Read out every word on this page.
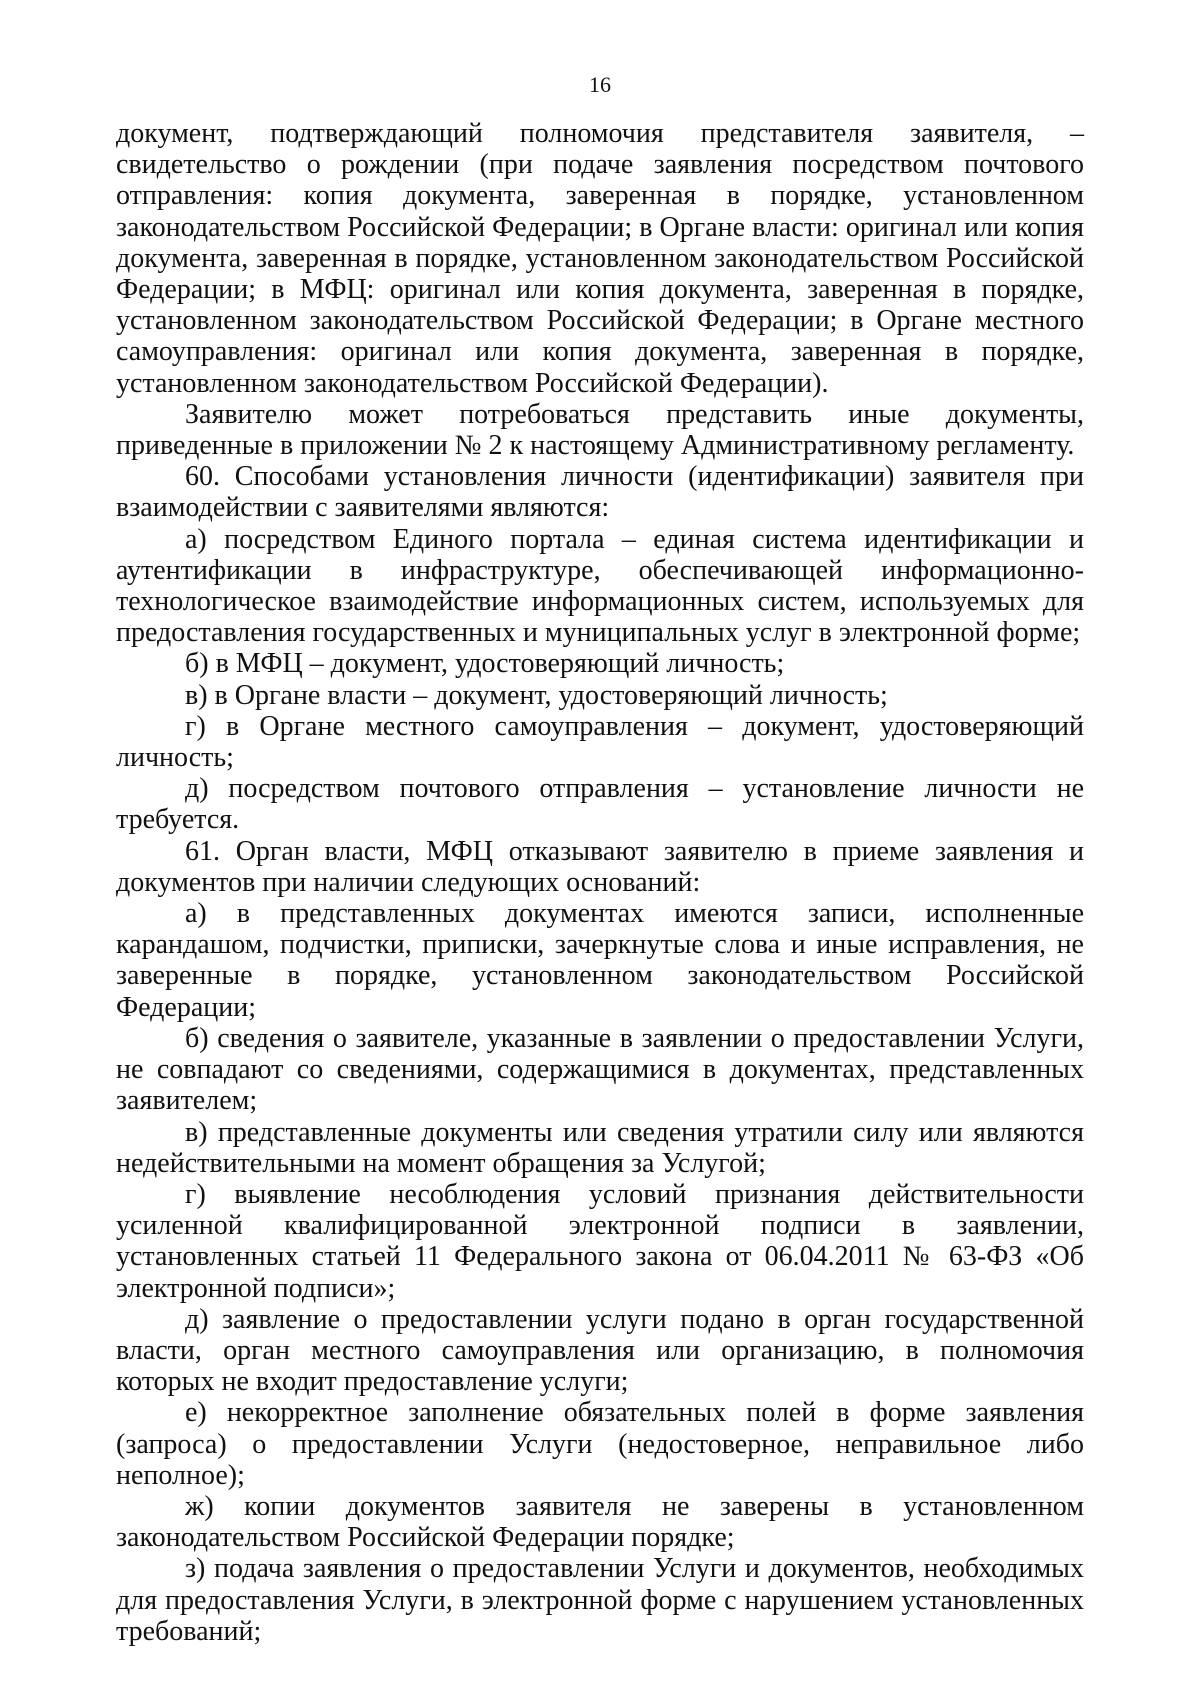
16

документ, подтверждающий полномочия представителя заявителя, – свидетельство о рождении (при подаче заявления посредством почтового отправления: копия документа, заверенная в порядке, установленном законодательством Российской Федерации; в Органе власти: оригинал или копия документа, заверенная в порядке, установленном законодательством Российской Федерации; в МФЦ: оригинал или копия документа, заверенная в порядке, установленном законодательством Российской Федерации; в Органе местного самоуправления: оригинал или копия документа, заверенная в порядке, установленном законодательством Российской Федерации).

Заявителю может потребоваться представить иные документы, приведенные в приложении № 2 к настоящему Административному регламенту.

60. Способами установления личности (идентификации) заявителя при взаимодействии с заявителями являются:

а) посредством Единого портала – единая система идентификации и аутентификации в инфраструктуре, обеспечивающей информационно-технологическое взаимодействие информационных систем, используемых для предоставления государственных и муниципальных услуг в электронной форме;

б) в МФЦ – документ, удостоверяющий личность;

в) в Органе власти – документ, удостоверяющий личность;

г) в Органе местного самоуправления – документ, удостоверяющий личность;

д) посредством почтового отправления – установление личности не требуется.

61. Орган власти, МФЦ отказывают заявителю в приеме заявления и документов при наличии следующих оснований:

а) в представленных документах имеются записи, исполненные карандашом, подчистки, приписки, зачеркнутые слова и иные исправления, не заверенные в порядке, установленном законодательством Российской Федерации;

б) сведения о заявителе, указанные в заявлении о предоставлении Услуги, не совпадают со сведениями, содержащимися в документах, представленных заявителем;

в) представленные документы или сведения утратили силу или являются недействительными на момент обращения за Услугой;

г) выявление несоблюдения условий признания действительности усиленной квалифицированной электронной подписи в заявлении, установленных статьей 11 Федерального закона от 06.04.2011 № 63-ФЗ «Об электронной подписи»;

д) заявление о предоставлении услуги подано в орган государственной власти, орган местного самоуправления или организацию, в полномочия которых не входит предоставление услуги;

е) некорректное заполнение обязательных полей в форме заявления (запроса) о предоставлении Услуги (недостоверное, неправильное либо неполное);

ж) копии документов заявителя не заверены в установленном законодательством Российской Федерации порядке;

з) подача заявления о предоставлении Услуги и документов, необходимых для предоставления Услуги, в электронной форме с нарушением установленных требований;
